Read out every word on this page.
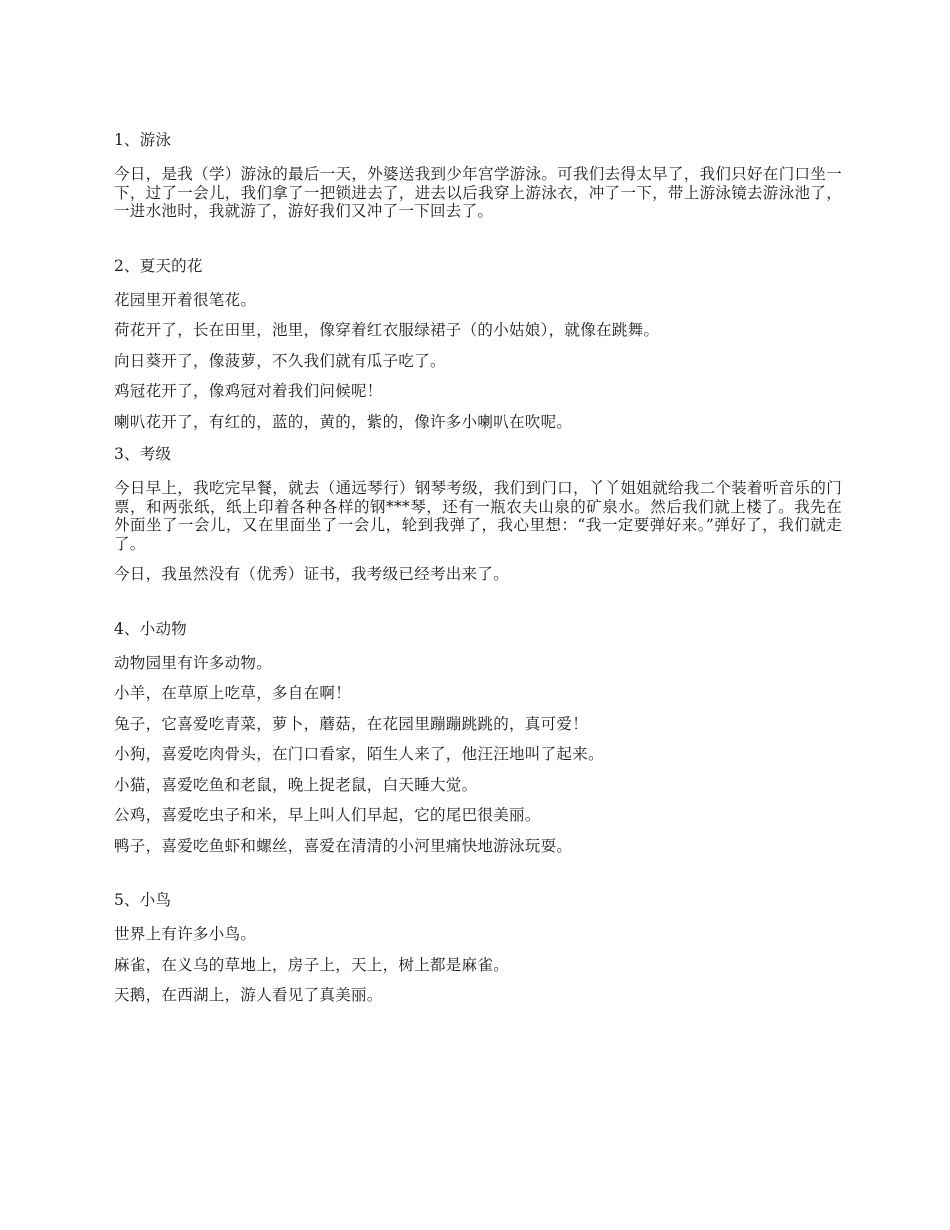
1、游泳

今日，是我（学）游泳的最后一天，外婆送我到少年宫学游泳。可我们去得太早了，我们只好在门口坐一下，过了一会儿，我们拿了一把锁进去了，进去以后我穿上游泳衣，冲了一下，带上游泳镜去游泳池了，一进水池时，我就游了，游好我们又冲了一下回去了。

2、夏天的花

花园里开着很笔花。

荷花开了，长在田里，池里，像穿着红衣服绿裙子（的小姑娘），就像在跳舞。

向日葵开了，像菠萝，不久我们就有瓜子吃了。

鸡冠花开了，像鸡冠对着我们问候呢！

喇叭花开了，有红的，蓝的，黄的，紫的，像许多小喇叭在吹呢。

3、考级

今日早上，我吃完早餐，就去（通远琴行）钢琴考级，我们到门口，丫丫姐姐就给我二个装着听音乐的门票，和两张纸，纸上印着各种各样的钢***琴，还有一瓶农夫山泉的矿泉水。然后我们就上楼了。我先在外面坐了一会儿，又在里面坐了一会儿，轮到我弹了，我心里想：“我一定要弹好来。”弹好了，我们就走了。

今日，我虽然没有（优秀）证书，我考级已经考出来了。

4、小动物

动物园里有许多动物。

小羊，在草原上吃草，多自在啊！

兔子，它喜爱吃青菜，萝卜，蘑菇，在花园里蹦蹦跳跳的，真可爱！

小狗，喜爱吃肉骨头，在门口看家，陌生人来了，他汪汪地叫了起来。

小猫，喜爱吃鱼和老鼠，晚上捉老鼠，白天睡大觉。

公鸡，喜爱吃虫子和米，早上叫人们早起，它的尾巴很美丽。

鸭子，喜爱吃鱼虾和螺丝，喜爱在清清的小河里痛快地游泳玩耍。

5、小鸟

世界上有许多小鸟。

麻雀，在义乌的草地上，房子上，天上，树上都是麻雀。

天鹅，在西湖上，游人看见了真美丽。
